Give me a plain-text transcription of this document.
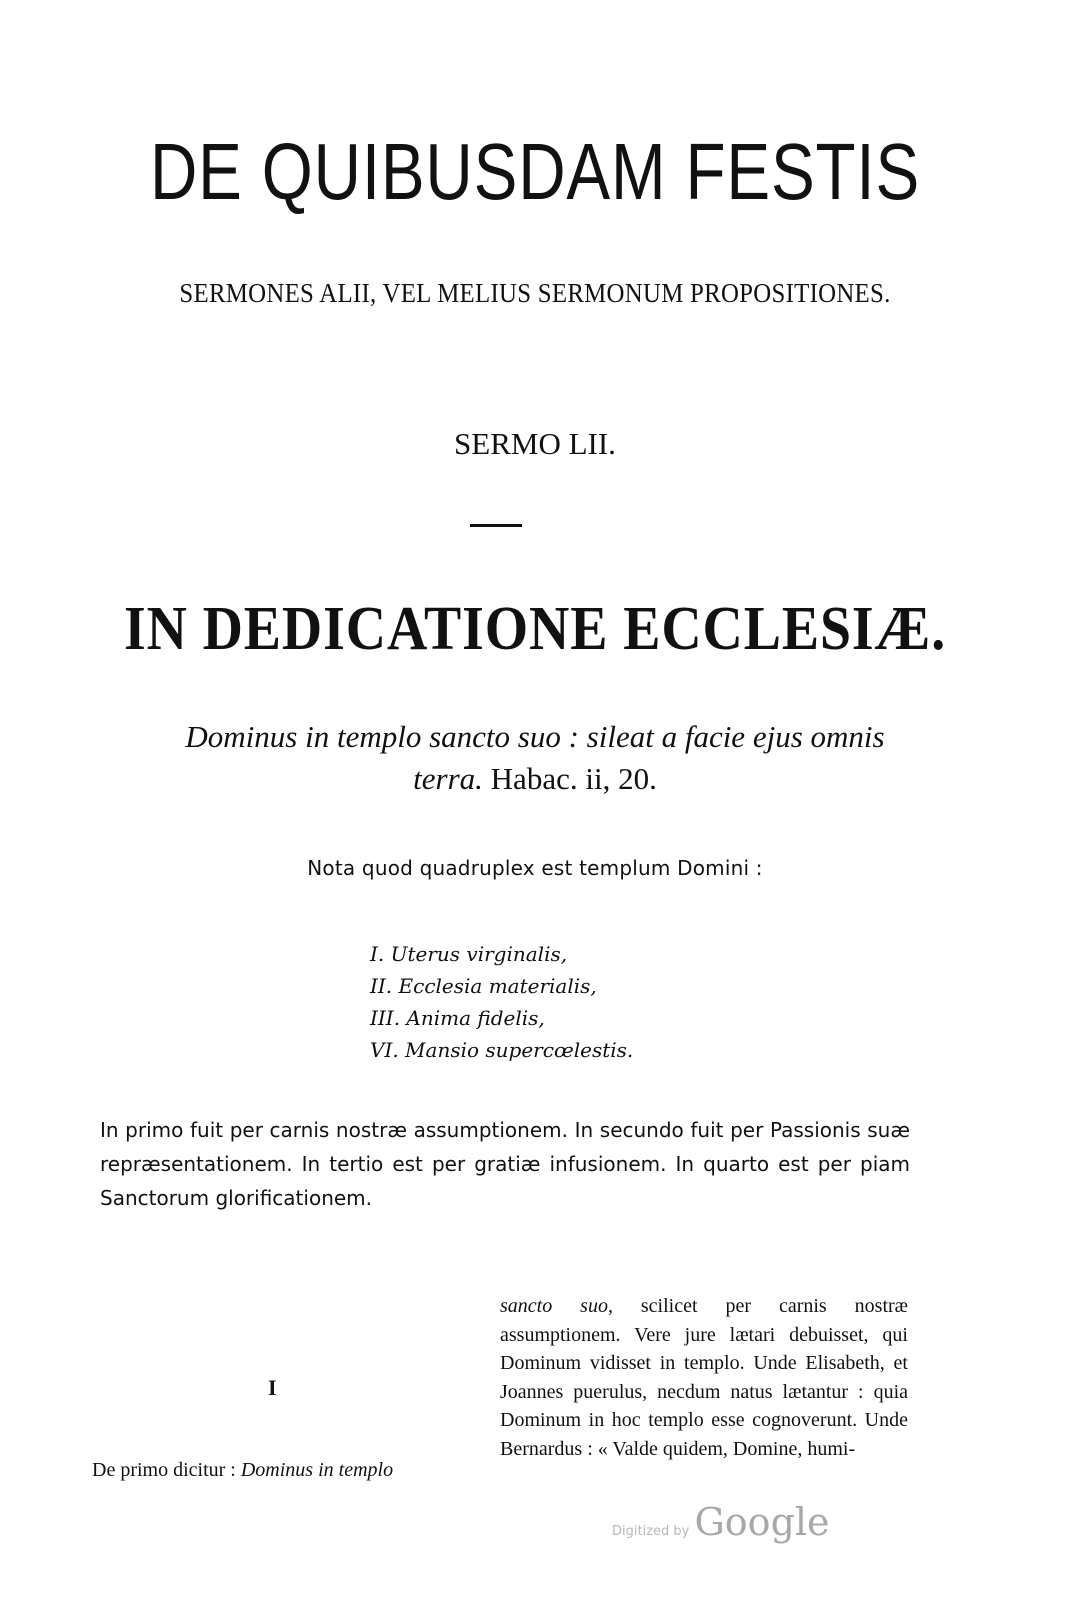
DE QUIBUSDAM FESTIS
SERMONES ALII, VEL MELIUS SERMONUM PROPOSITIONES.
SERMO LII.
IN DEDICATIONE ECCLESIÆ.
Dominus in templo sancto suo : sileat a facie ejus omnis
terra. Habac. ii, 20.
Nota quod quadruplex est templum Domini :
I. Uterus virginalis,
II. Ecclesia materialis,
III. Anima fidelis,
VI. Mansio supercœlestis.

In primo fuit per carnis nostræ assumptionem. In secundo fuit per Passionis suæ repræsentationem. In tertio est per gratiæ infusionem. In quarto est per piam Sanctorum glorificationem.

I

De primo dicitur : Dominus in templo

sancto suo, scilicet per carnis nostræ assumptionem. Vere jure lætari debuisset, qui Dominum vidisset in templo. Unde Elisabeth, et Joannes puerulus, necdum natus lætantur : quia Dominum in hoc templo esse cognoverunt. Unde Bernardus : « Valde quidem, Domine, humi-

Digitized by Google
